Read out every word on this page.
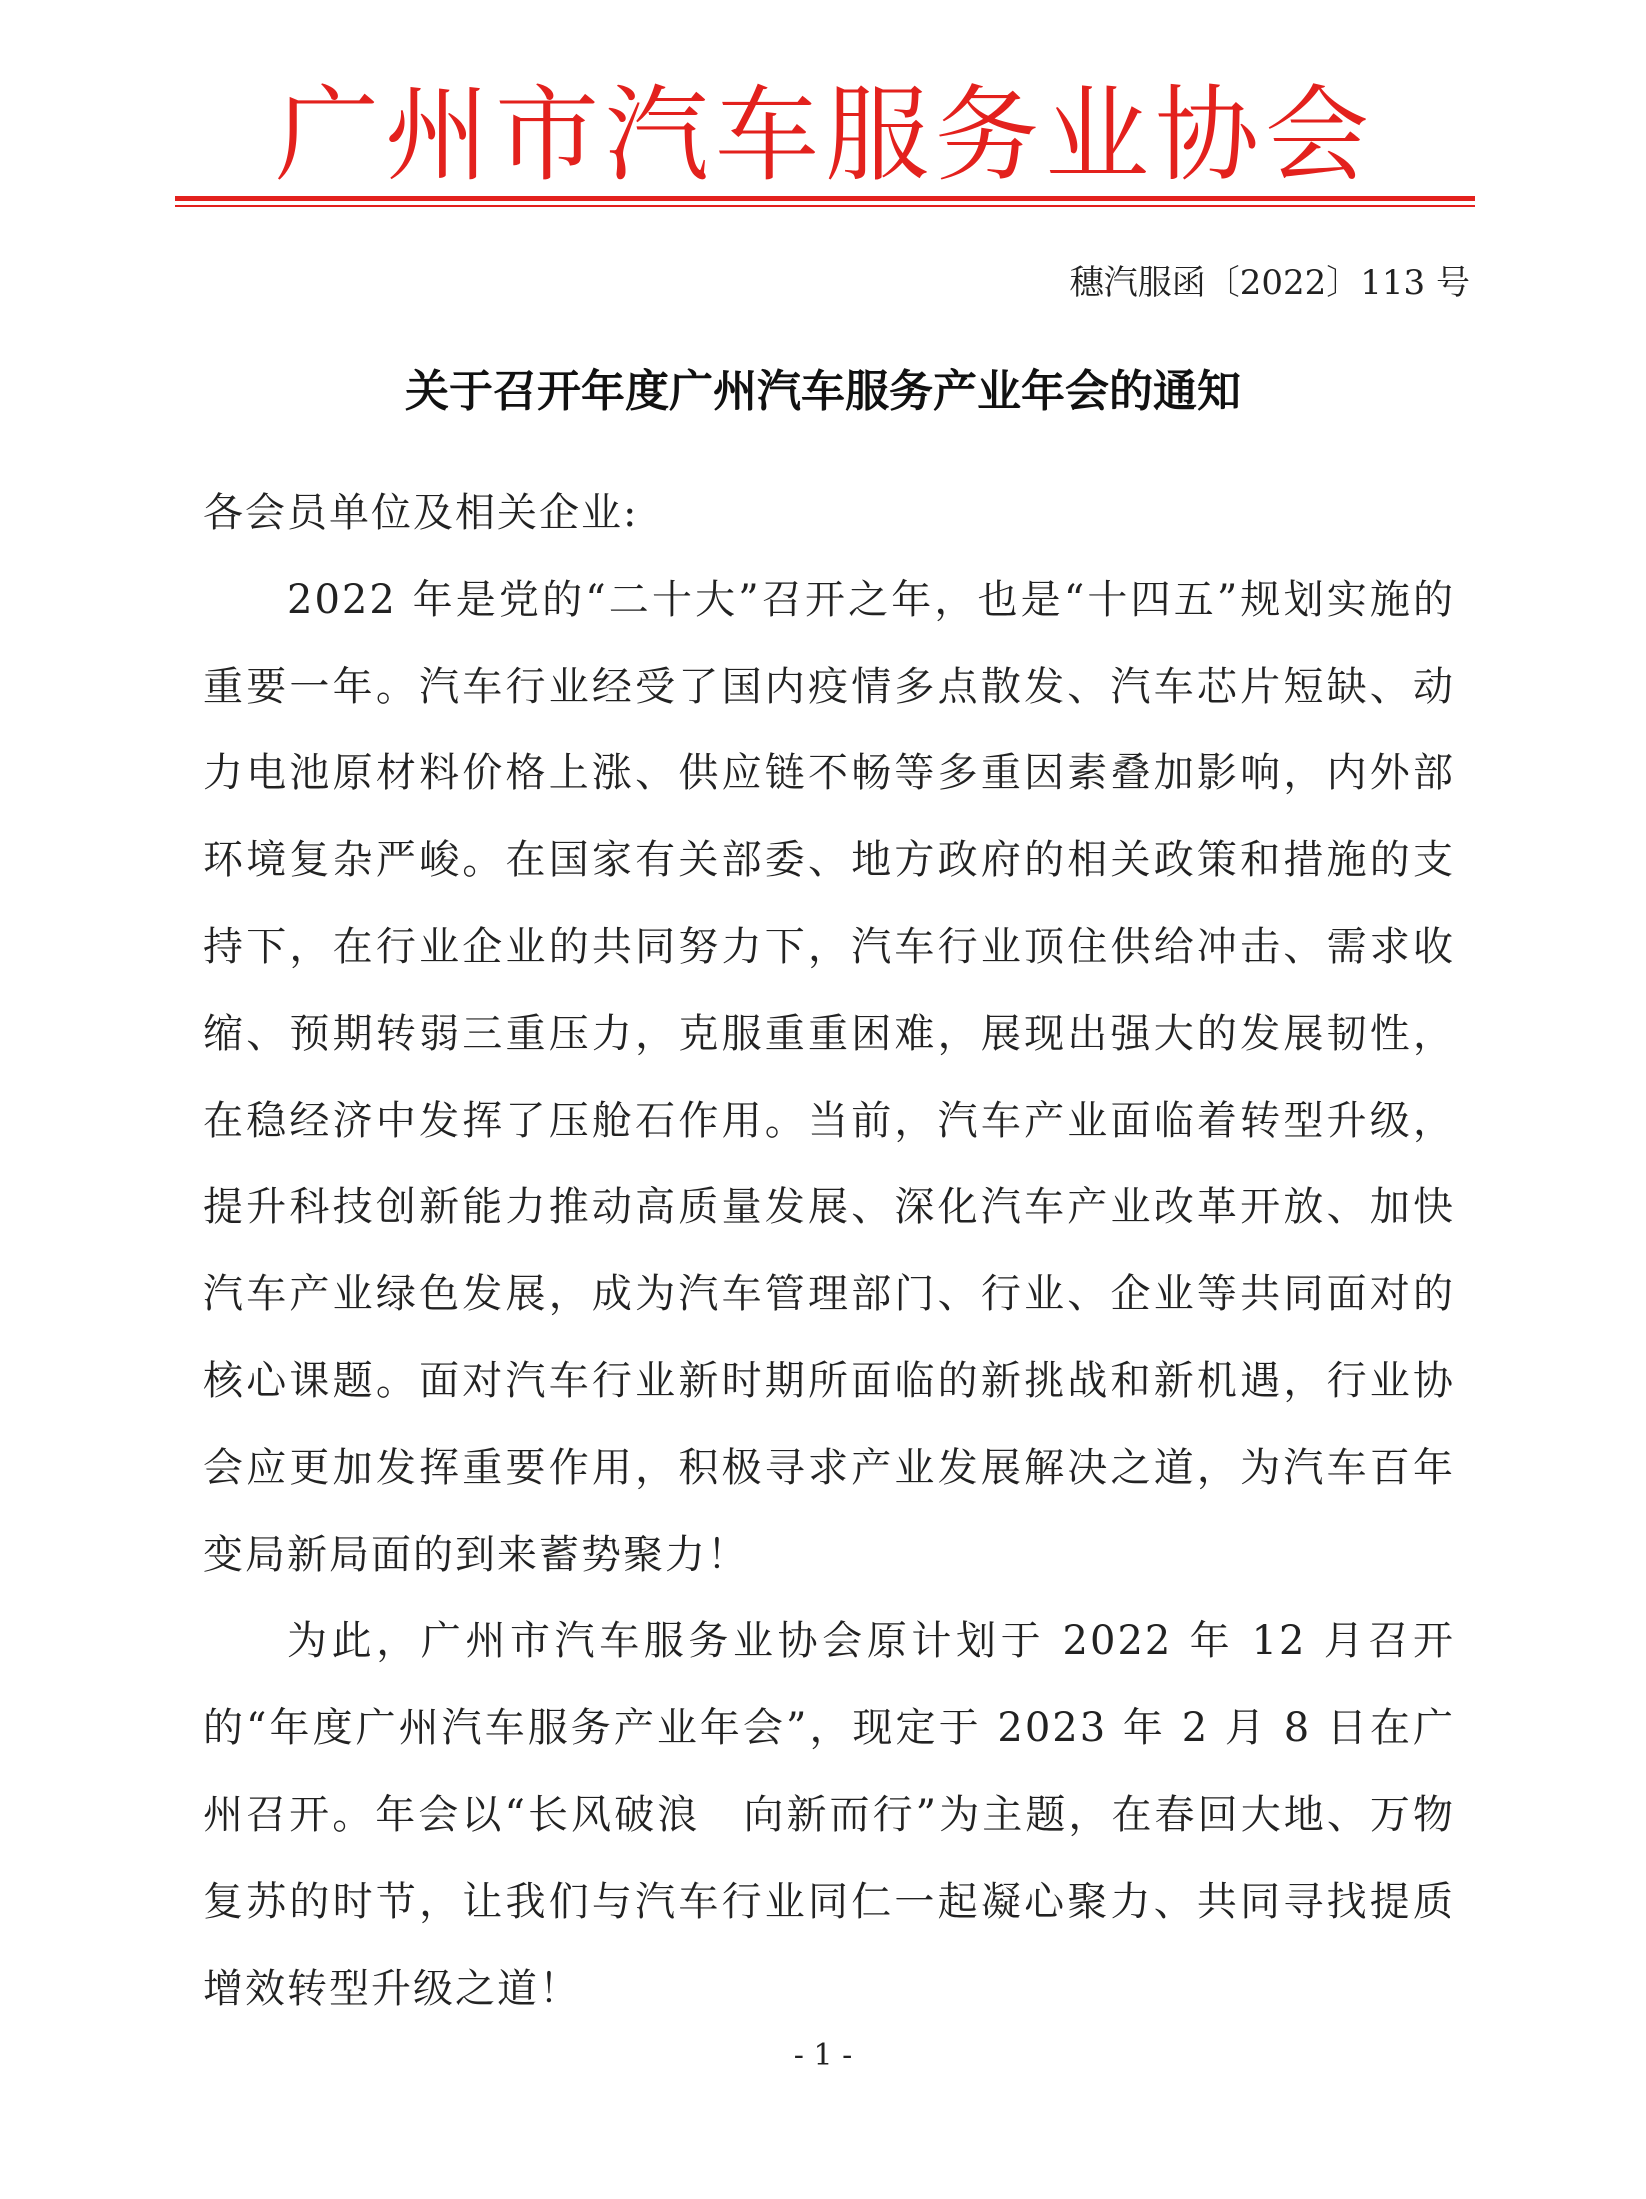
广州市汽车服务业协会
穗汽服函〔2022〕113 号
关于召开年度广州汽车服务产业年会的通知

各会员单位及相关企业:

2022 年是党的“二十大”召开之年，也是“十四五”规划实施的重要一年。汽车行业经受了国内疫情多点散发、汽车芯片短缺、动力电池原材料价格上涨、供应链不畅等多重因素叠加影响，内外部环境复杂严峻。在国家有关部委、地方政府的相关政策和措施的支持下，在行业企业的共同努力下，汽车行业顶住供给冲击、需求收缩、预期转弱三重压力，克服重重困难，展现出强大的发展韧性，在稳经济中发挥了压舱石作用。当前，汽车产业面临着转型升级，提升科技创新能力推动高质量发展、深化汽车产业改革开放、加快汽车产业绿色发展，成为汽车管理部门、行业、企业等共同面对的核心课题。面对汽车行业新时期所面临的新挑战和新机遇，行业协会应更加发挥重要作用，积极寻求产业发展解决之道，为汽车百年变局新局面的到来蓄势聚力！

为此，广州市汽车服务业协会原计划于 2022 年 12 月召开的“年度广州汽车服务产业年会”，现定于 2023 年 2 月 8 日在广州召开。年会以“长风破浪　向新而行”为主题，在春回大地、万物复苏的时节，让我们与汽车行业同仁一起凝心聚力、共同寻找提质增效转型升级之道！

- 1 -
